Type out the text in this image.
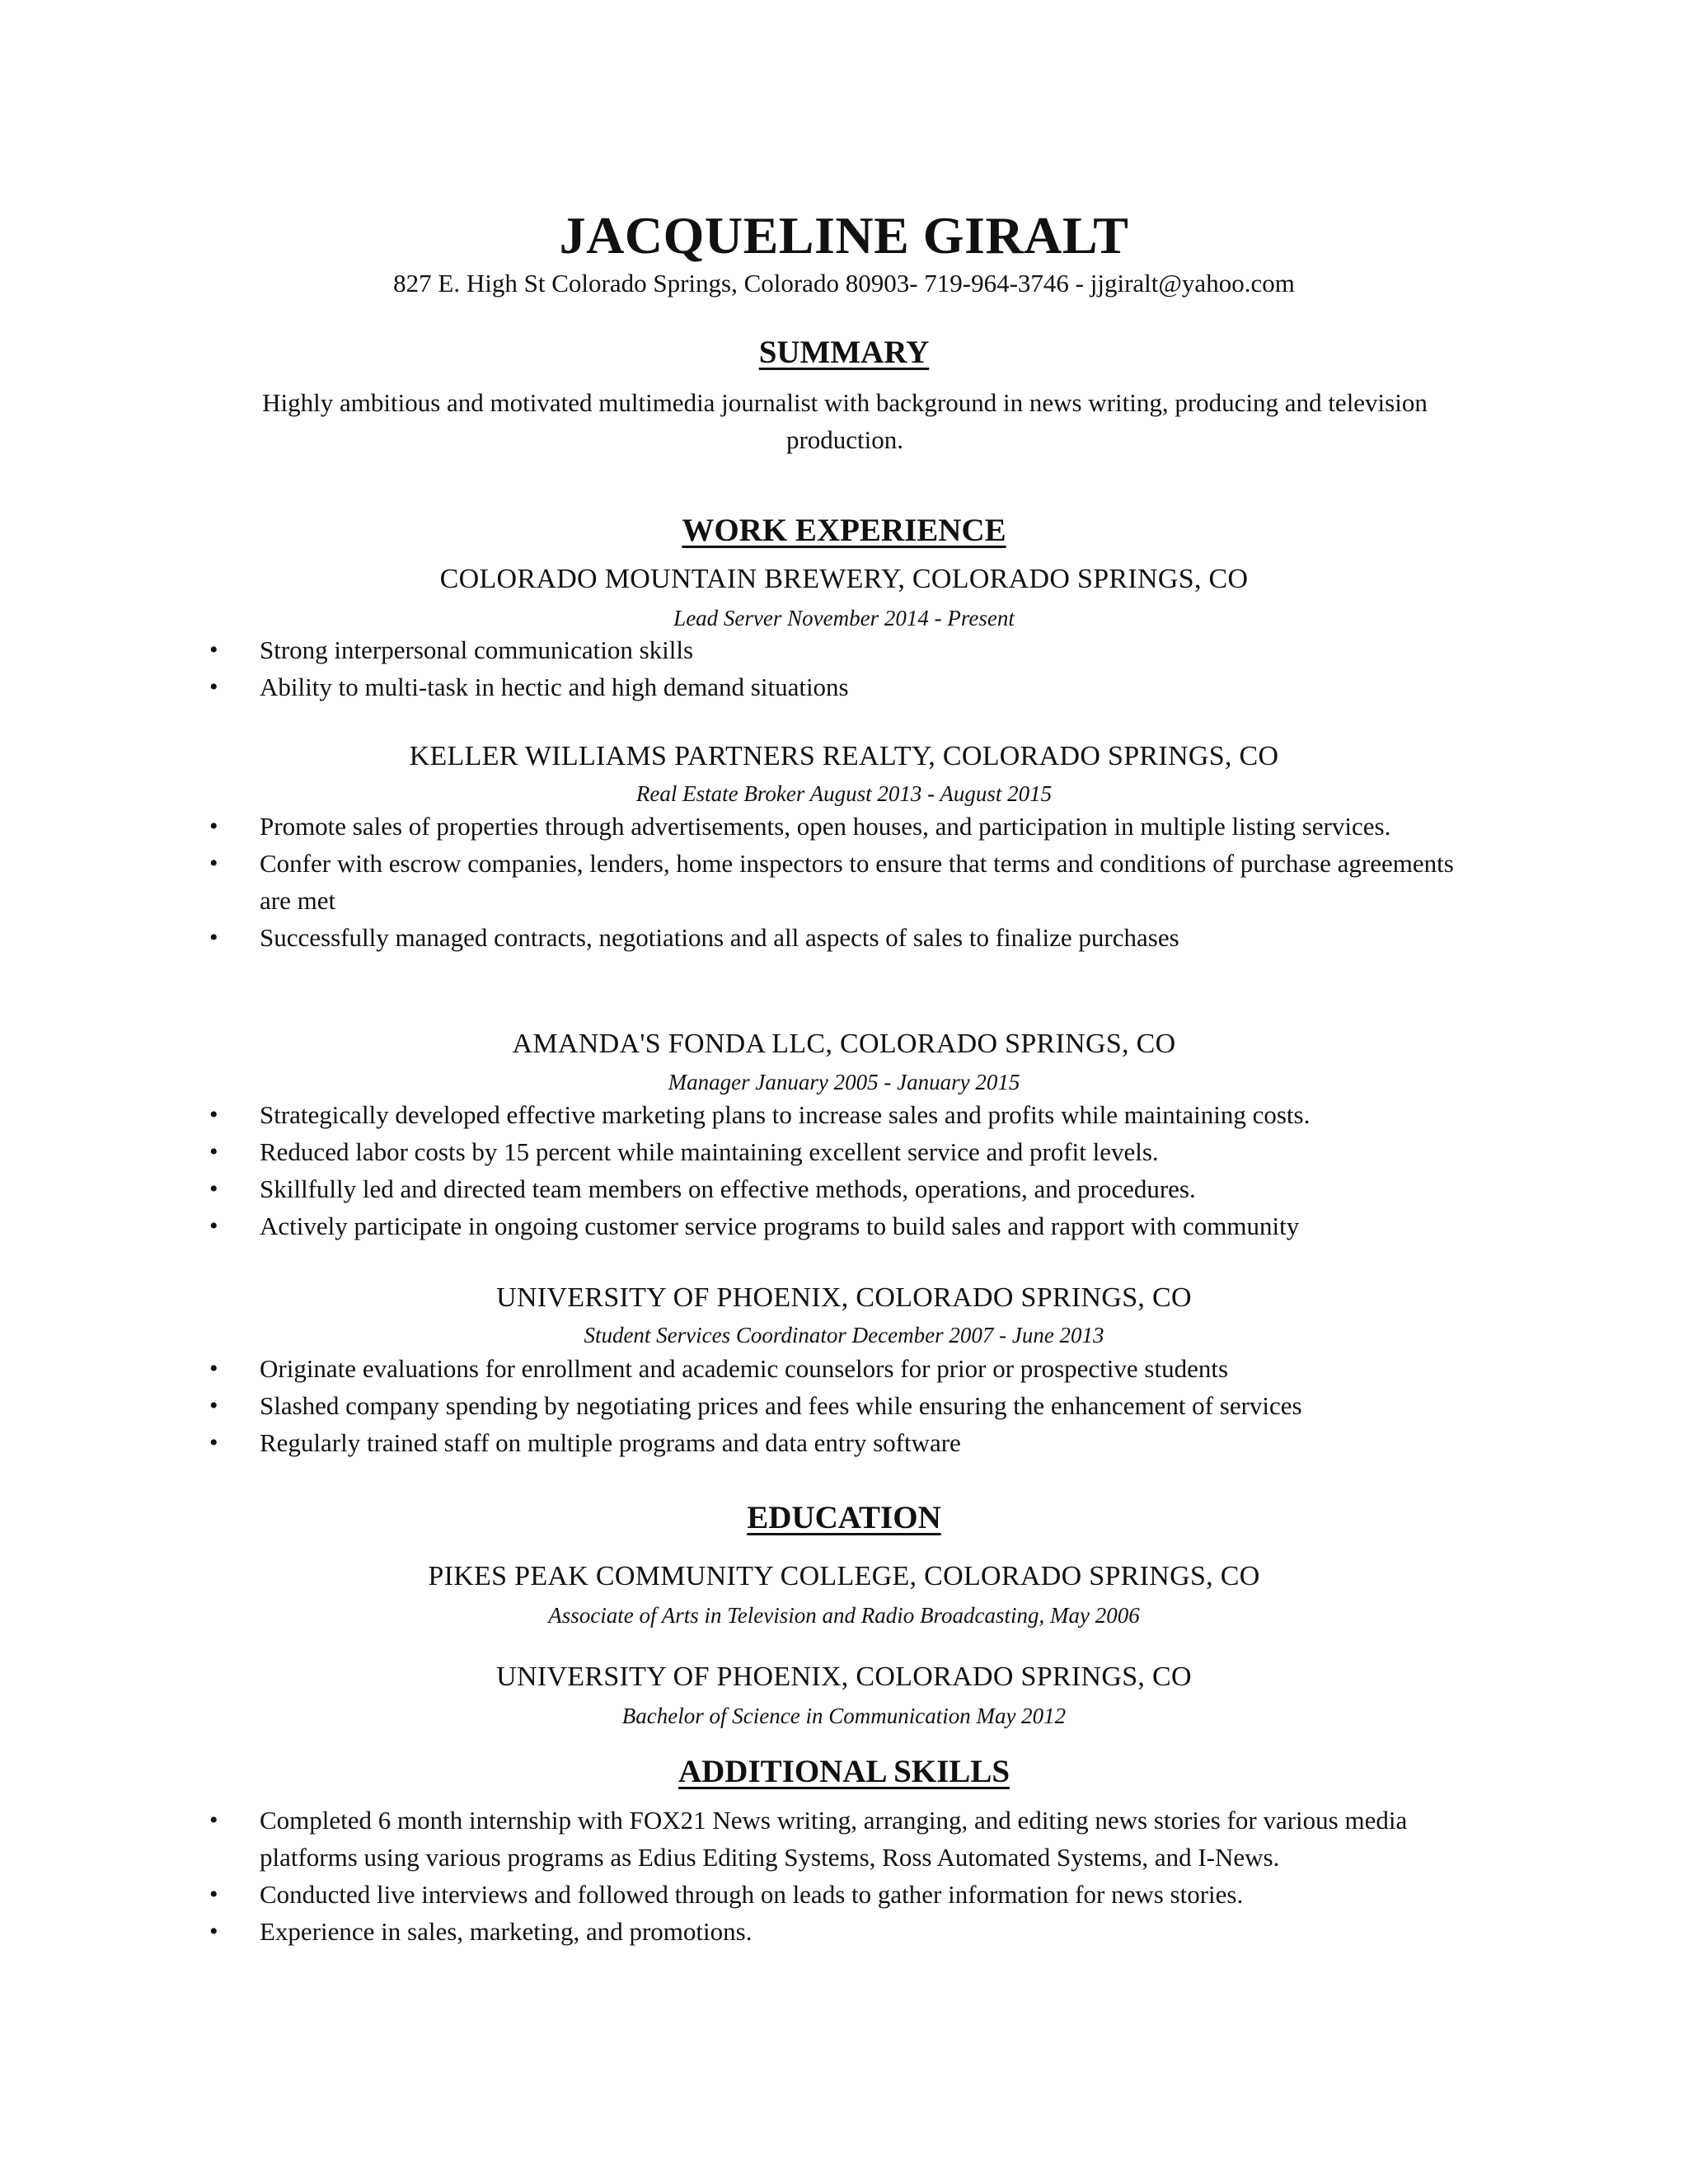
JACQUELINE GIRALT
827 E. High St Colorado Springs, Colorado 80903- 719-964-3746 - jjgiralt@yahoo.com
SUMMARY
Highly ambitious and motivated multimedia journalist with background in news writing, producing and television production.
WORK EXPERIENCE
COLORADO MOUNTAIN BREWERY, COLORADO SPRINGS, CO
Lead Server November 2014 - Present
• Strong interpersonal communication skills
• Ability to multi-task in hectic and high demand situations
KELLER WILLIAMS PARTNERS REALTY, COLORADO SPRINGS, CO
Real Estate Broker August 2013 - August 2015
• Promote sales of properties through advertisements, open houses, and participation in multiple listing services.
• Confer with escrow companies, lenders, home inspectors to ensure that terms and conditions of purchase agreements are met
• Successfully managed contracts, negotiations and all aspects of sales to finalize purchases
AMANDA'S FONDA LLC, COLORADO SPRINGS, CO
Manager January 2005 - January 2015
• Strategically developed effective marketing plans to increase sales and profits while maintaining costs.
• Reduced labor costs by 15 percent while maintaining excellent service and profit levels.
• Skillfully led and directed team members on effective methods, operations, and procedures.
• Actively participate in ongoing customer service programs to build sales and rapport with community
UNIVERSITY OF PHOENIX, COLORADO SPRINGS, CO
Student Services Coordinator December 2007 - June 2013
• Originate evaluations for enrollment and academic counselors for prior or prospective students
• Slashed company spending by negotiating prices and fees while ensuring the enhancement of services
• Regularly trained staff on multiple programs and data entry software
EDUCATION
PIKES PEAK COMMUNITY COLLEGE, COLORADO SPRINGS, CO
Associate of Arts in Television and Radio Broadcasting, May 2006
UNIVERSITY OF PHOENIX, COLORADO SPRINGS, CO
Bachelor of Science in Communication May 2012
ADDITIONAL SKILLS
• Completed 6 month internship with FOX21 News writing, arranging, and editing news stories for various media platforms using various programs as Edius Editing Systems, Ross Automated Systems, and I-News.
• Conducted live interviews and followed through on leads to gather information for news stories.
• Experience in sales, marketing, and promotions.
